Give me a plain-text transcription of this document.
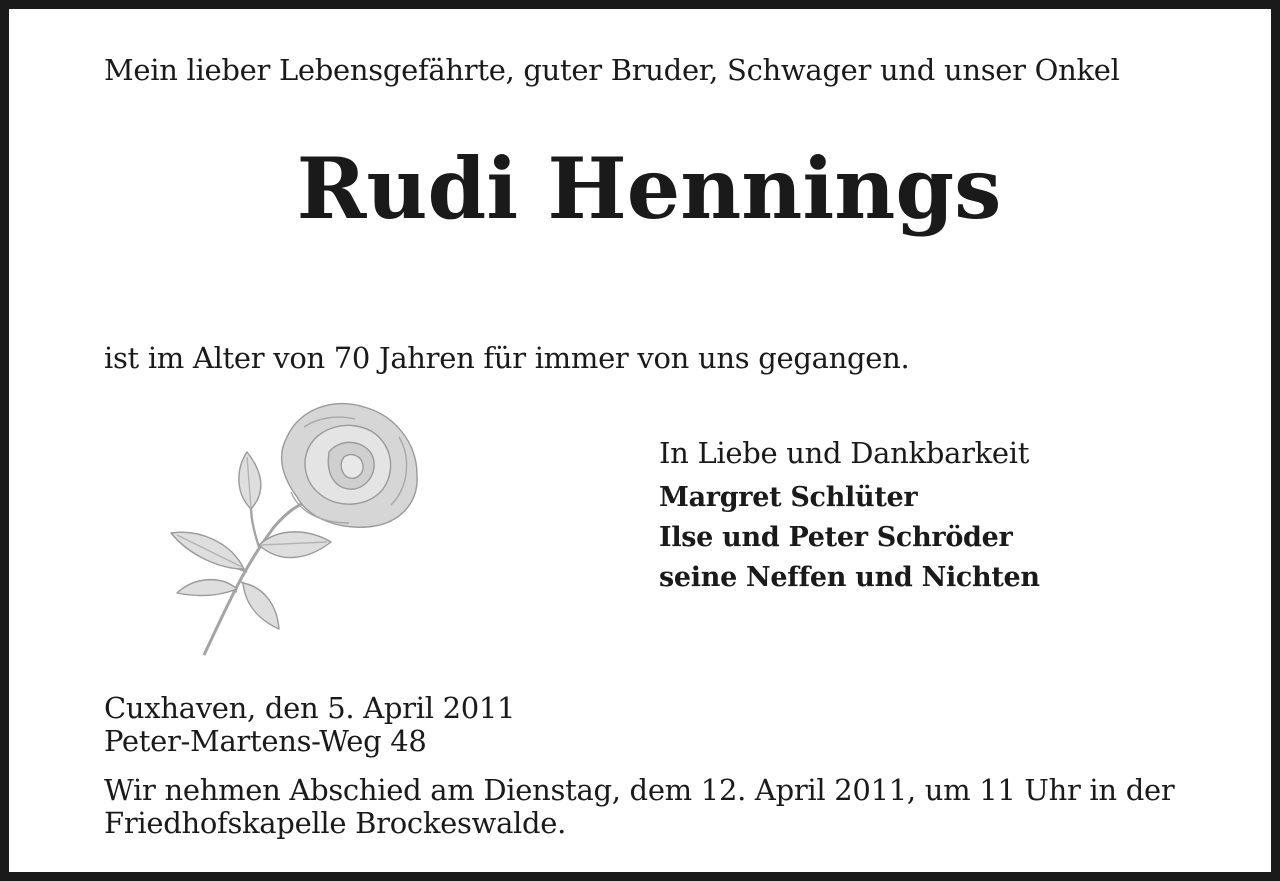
Mein lieber Lebensgefährte, guter Bruder, Schwager und unser Onkel
Rudi Hennings
ist im Alter von 70 Jahren für immer von uns gegangen.
In Liebe und Dankbarkeit
Margret Schlüter
Ilse und Peter Schröder
seine Neffen und Nichten
Cuxhaven, den 5. April 2011
Peter-Martens-Weg 48
Wir nehmen Abschied am Dienstag, dem 12. April 2011, um 11 Uhr in der
Friedhofskapelle Brockeswalde.
